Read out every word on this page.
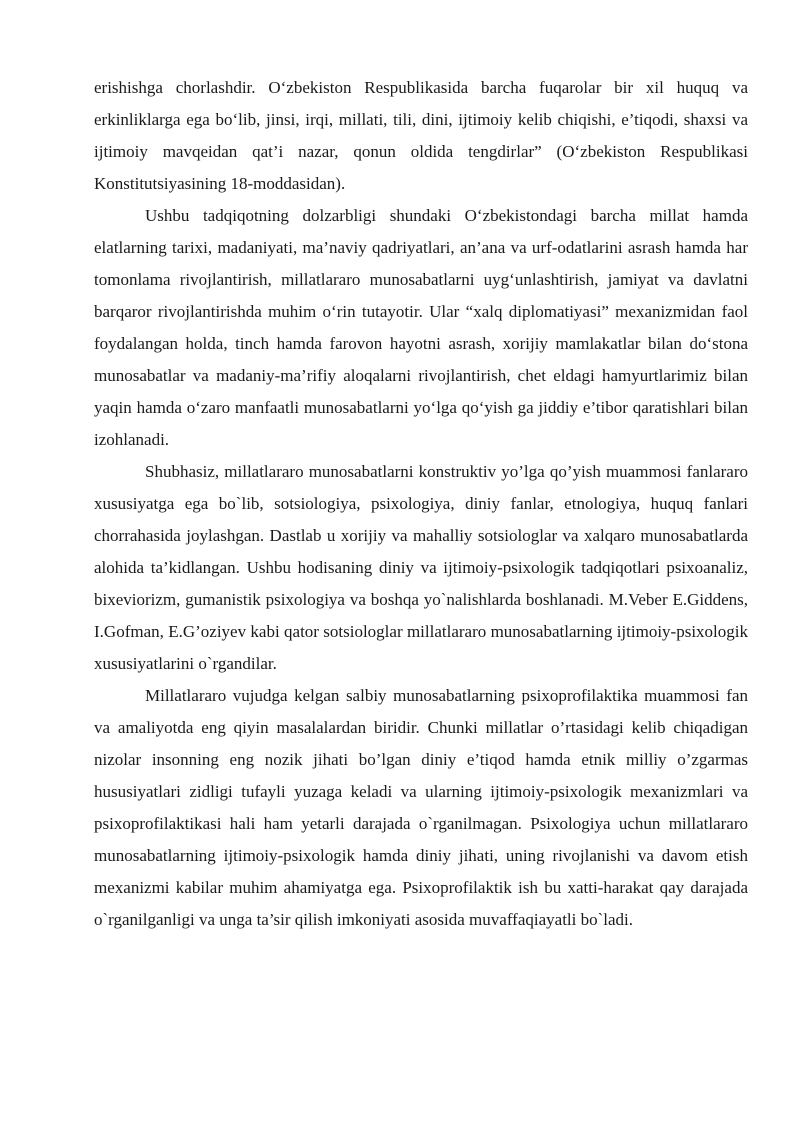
erishishga chorlashdir. O‘zbekiston Respublikasida barcha fuqarolar bir xil huquq va erkinliklarga ega bo‘lib, jinsi, irqi, millati, tili, dini, ijtimoiy kelib chiqishi, e’tiqodi, shaxsi va ijtimoiy mavqeidan qat’i nazar, qonun oldida tengdirlar” (O‘zbekiston Respublikasi Konstitutsiyasining 18-moddasidan).

Ushbu tadqiqotning dolzarbligi shundaki O‘zbekistondagi barcha millat hamda elatlarning tarixi, madaniyati, ma’naviy qadriyatlari, an’ana va urf-odatlarini asrash hamda har tomonlama rivojlantirish, millatlararo munosabatlarni uyg‘unlashtirish, jamiyat va davlatni barqaror rivojlantirishda muhim o‘rin tutayotir. Ular “xalq diplomatiyasi” mexanizmidan faol foydalangan holda, tinch hamda farovon hayotni asrash, xorijiy mamlakatlar bilan do‘stona munosabatlar va madaniy-ma’rifiy aloqalarni rivojlantirish, chet eldagi hamyurtlarimiz bilan yaqin hamda o‘zaro manfaatli munosabatlarni yo‘lga qo‘yish ga jiddiy e’tibor qaratishlari bilan izohlanadi.

Shubhasiz, millatlararo munosabatlarni konstruktiv yo’lga qo’yish muammosi fanlararo xususiyatga ega bo`lib, sotsiologiya, psixologiya, diniy fanlar, etnologiya, huquq fanlari chorrahasida joylashgan. Dastlab u xorijiy va mahalliy sotsiologlar va xalqaro munosabatlarda alohida ta’kidlangan. Ushbu hodisaning diniy va ijtimoiy-psixologik tadqiqotlari psixoanaliz, bixeviorizm, gumanistik psixologiya va boshqa yo`nalishlarda boshlanadi. M.Veber E.Giddens, I.Gofman, E.G’oziyev kabi qator sotsiologlar millatlararo munosabatlarning ijtimoiy-psixologik xususiyatlarini o`rgandilar.

Millatlararo vujudga kelgan salbiy munosabatlarning psixoprofilaktika muammosi fan va amaliyotda eng qiyin masalalardan biridir. Chunki millatlar o’rtasidagi kelib chiqadigan nizolar insonning eng nozik jihati bo’lgan diniy e’tiqod hamda etnik milliy o’zgarmas hususiyatlari zidligi tufayli yuzaga keladi va ularning ijtimoiy-psixologik mexanizmlari va psixoprofilaktikasi hali ham yetarli darajada o`rganilmagan. Psixologiya uchun millatlararo munosabatlarning ijtimoiy-psixologik hamda diniy jihati, uning rivojlanishi va davom etish mexanizmi kabilar muhim ahamiyatga ega. Psixoprofilaktik ish bu xatti-harakat qay darajada o`rganilganligi va unga ta’sir qilish imkoniyati asosida muvaffaqiayatli bo`ladi.
